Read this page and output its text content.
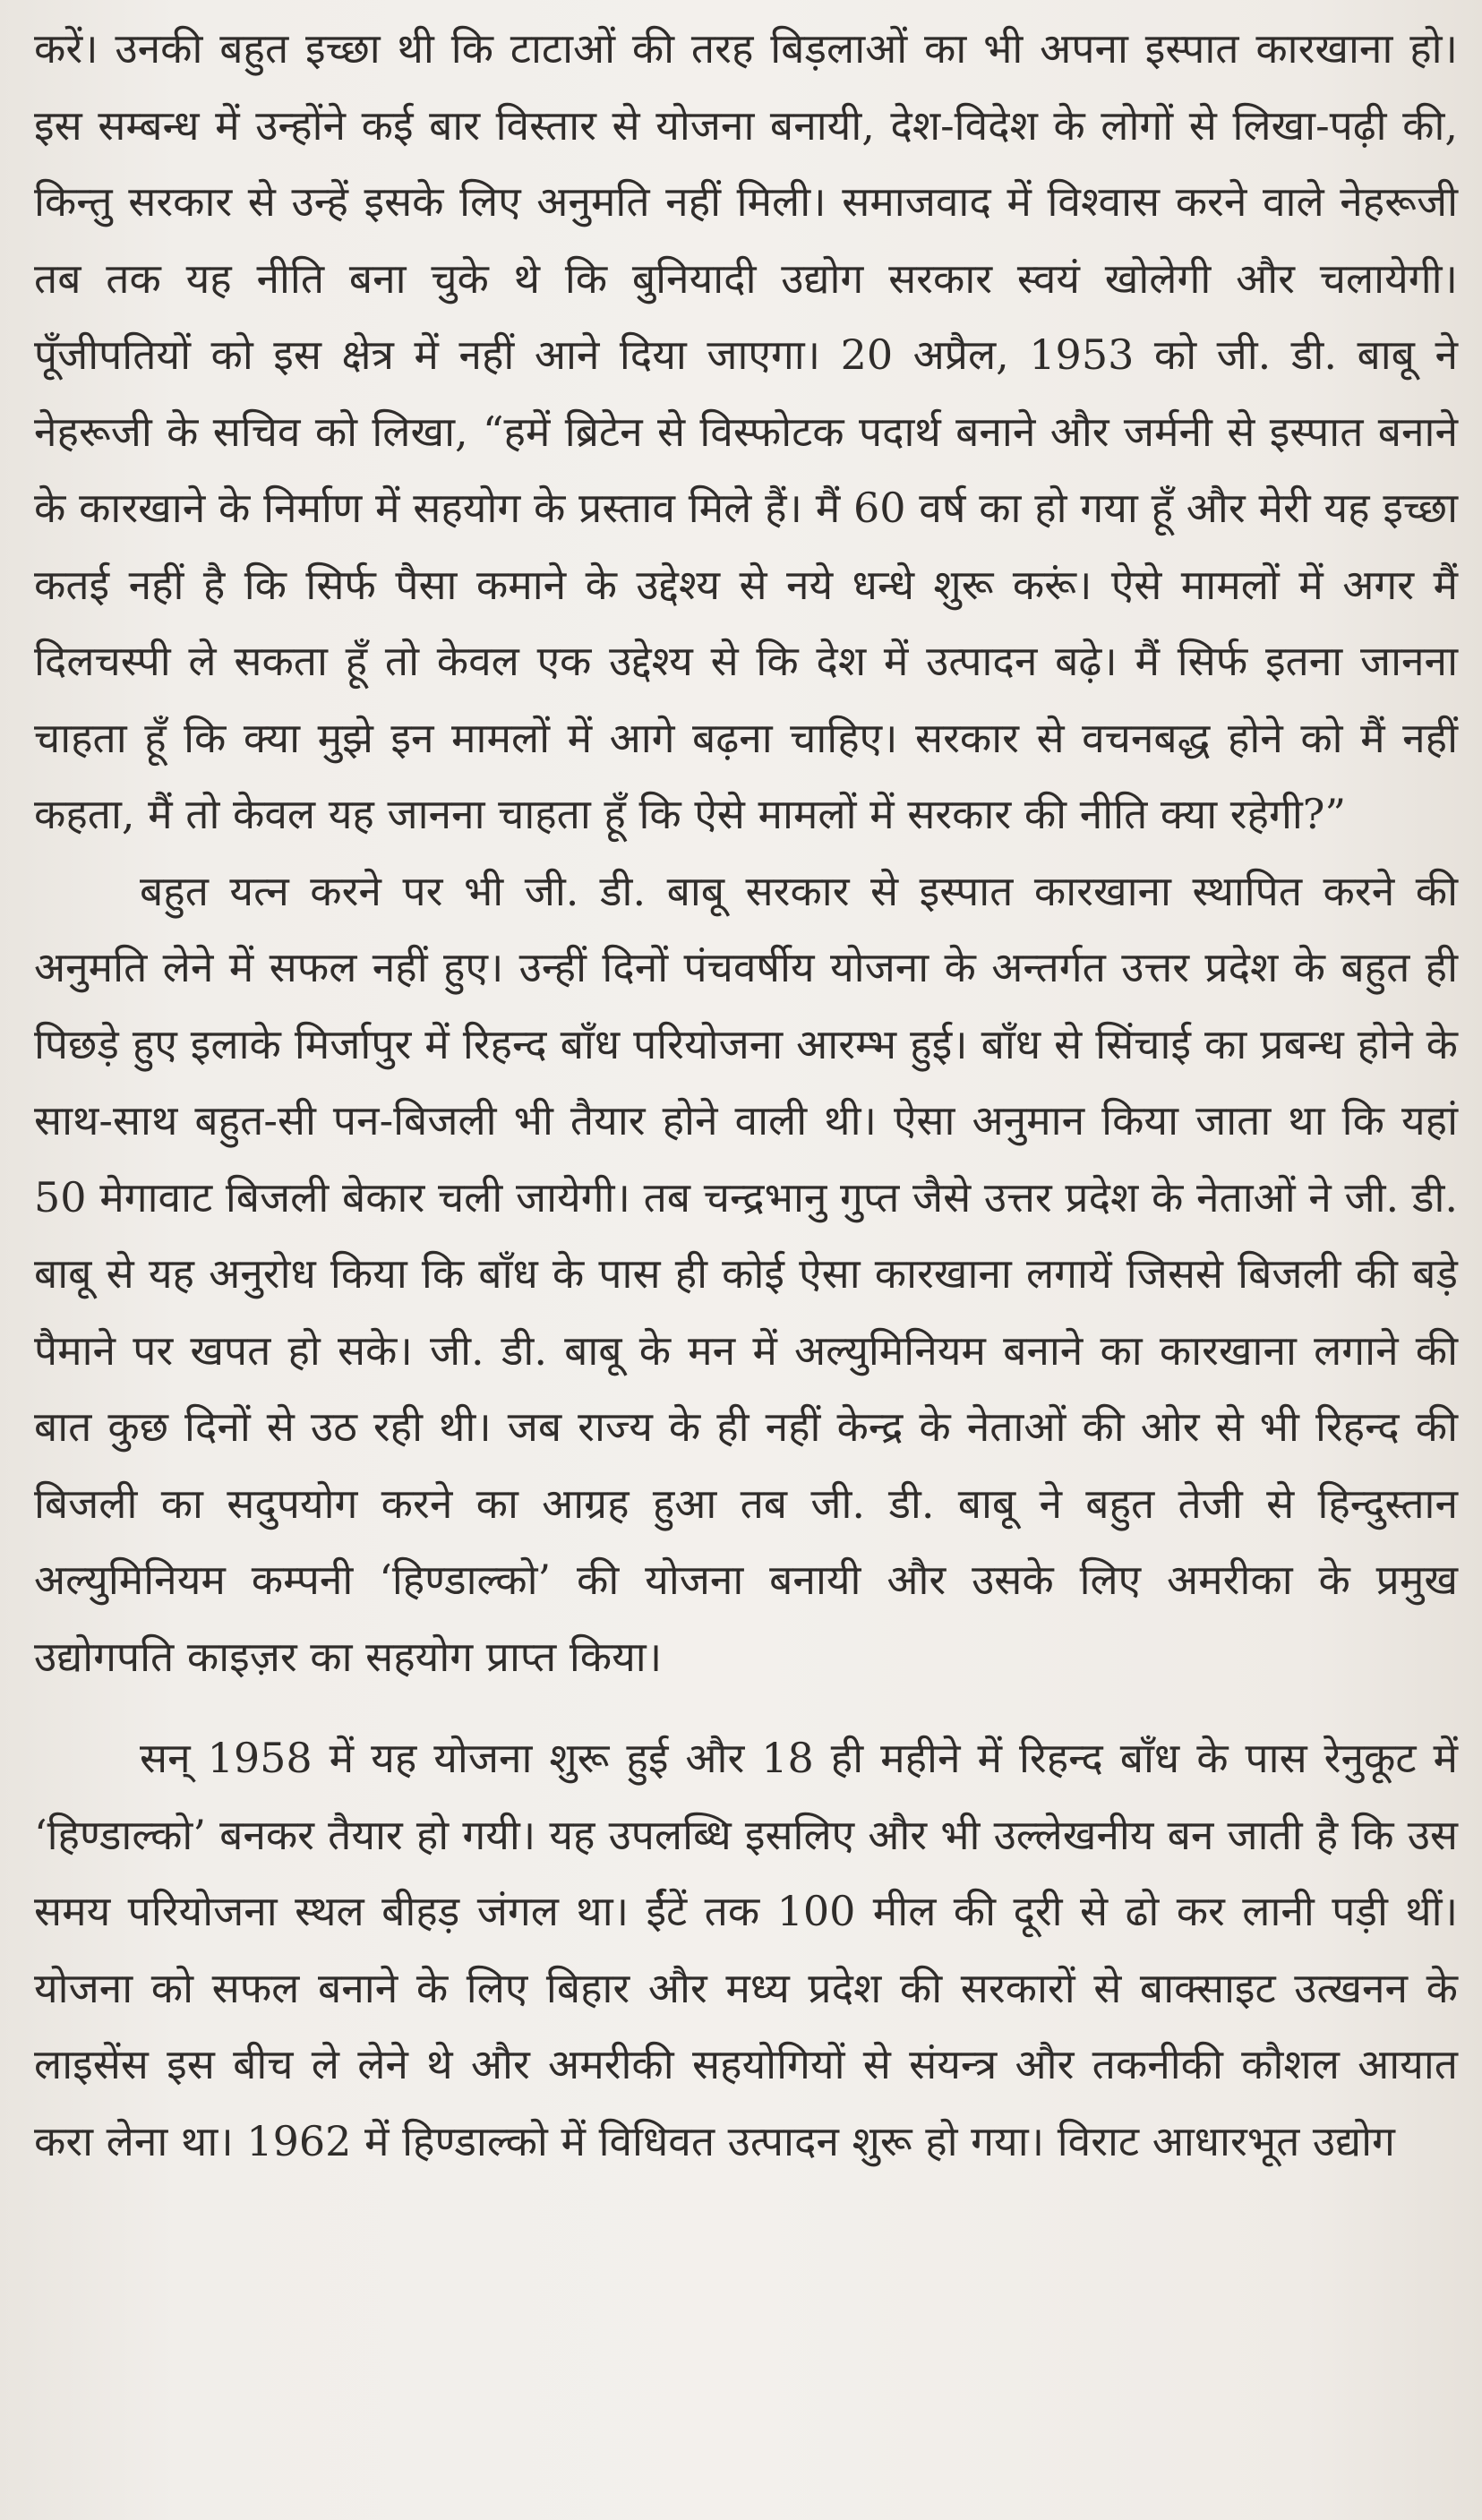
करें। उनकी बहुत इच्छा थी कि टाटाओं की तरह बिड़लाओं का भी अपना इस्पात कारखाना हो। इस सम्बन्ध में उन्होंने कई बार विस्तार से योजना बनायी, देश-विदेश के लोगों से लिखा-पढ़ी की, किन्तु सरकार से उन्हें इसके लिए अनुमति नहीं मिली। समाजवाद में विश्वास करने वाले नेहरूजी तब तक यह नीति बना चुके थे कि बुनियादी उद्योग सरकार स्वयं खोलेगी और चलायेगी। पूँजीपतियों को इस क्षेत्र में नहीं आने दिया जाएगा। 20 अप्रैल, 1953 को जी. डी. बाबू ने नेहरूजी के सचिव को लिखा, “हमें ब्रिटेन से विस्फोटक पदार्थ बनाने और जर्मनी से इस्पात बनाने के कारखाने के निर्माण में सहयोग के प्रस्ताव मिले हैं। मैं 60 वर्ष का हो गया हूँ और मेरी यह इच्छा कतई नहीं है कि सिर्फ पैसा कमाने के उद्देश्य से नये धन्धे शुरू करूं। ऐसे मामलों में अगर मैं दिलचस्पी ले सकता हूँ तो केवल एक उद्देश्य से कि देश में उत्पादन बढ़े। मैं सिर्फ इतना जानना चाहता हूँ कि क्या मुझे इन मामलों में आगे बढ़ना चाहिए। सरकार से वचनबद्ध होने को मैं नहीं कहता, मैं तो केवल यह जानना चाहता हूँ कि ऐसे मामलों में सरकार की नीति क्या रहेगी?”

बहुत यत्न करने पर भी जी. डी. बाबू सरकार से इस्पात कारखाना स्थापित करने की अनुमति लेने में सफल नहीं हुए। उन्हीं दिनों पंचवर्षीय योजना के अन्तर्गत उत्तर प्रदेश के बहुत ही पिछड़े हुए इलाके मिर्जापुर में रिहन्द बाँध परियोजना आरम्भ हुई। बाँध से सिंचाई का प्रबन्ध होने के साथ-साथ बहुत-सी पन-बिजली भी तैयार होने वाली थी। ऐसा अनुमान किया जाता था कि यहां 50 मेगावाट बिजली बेकार चली जायेगी। तब चन्द्रभानु गुप्त जैसे उत्तर प्रदेश के नेताओं ने जी. डी. बाबू से यह अनुरोध किया कि बाँध के पास ही कोई ऐसा कारखाना लगायें जिससे बिजली की बड़े पैमाने पर खपत हो सके। जी. डी. बाबू के मन में अल्युमिनियम बनाने का कारखाना लगाने की बात कुछ दिनों से उठ रही थी। जब राज्य के ही नहीं केन्द्र के नेताओं की ओर से भी रिहन्द की बिजली का सदुपयोग करने का आग्रह हुआ तब जी. डी. बाबू ने बहुत तेजी से हिन्दुस्तान अल्युमिनियम कम्पनी ‘हिण्डाल्को’ की योजना बनायी और उसके लिए अमरीका के प्रमुख उद्योगपति काइज़र का सहयोग प्राप्त किया।

सन् 1958 में यह योजना शुरू हुई और 18 ही महीने में रिहन्द बाँध के पास रेनुकूट में ‘हिण्डाल्को’ बनकर तैयार हो गयी। यह उपलब्धि इसलिए और भी उल्लेखनीय बन जाती है कि उस समय परियोजना स्थल बीहड़ जंगल था। ईंटें तक 100 मील की दूरी से ढो कर लानी पड़ी थीं। योजना को सफल बनाने के लिए बिहार और मध्य प्रदेश की सरकारों से बाक्साइट उत्खनन के लाइसेंस इस बीच ले लेने थे और अमरीकी सहयोगियों से संयन्त्र और तकनीकी कौशल आयात करा लेना था। 1962 में हिण्डाल्को में विधिवत उत्पादन शुरू हो गया। विराट आधारभूत उद्योग
